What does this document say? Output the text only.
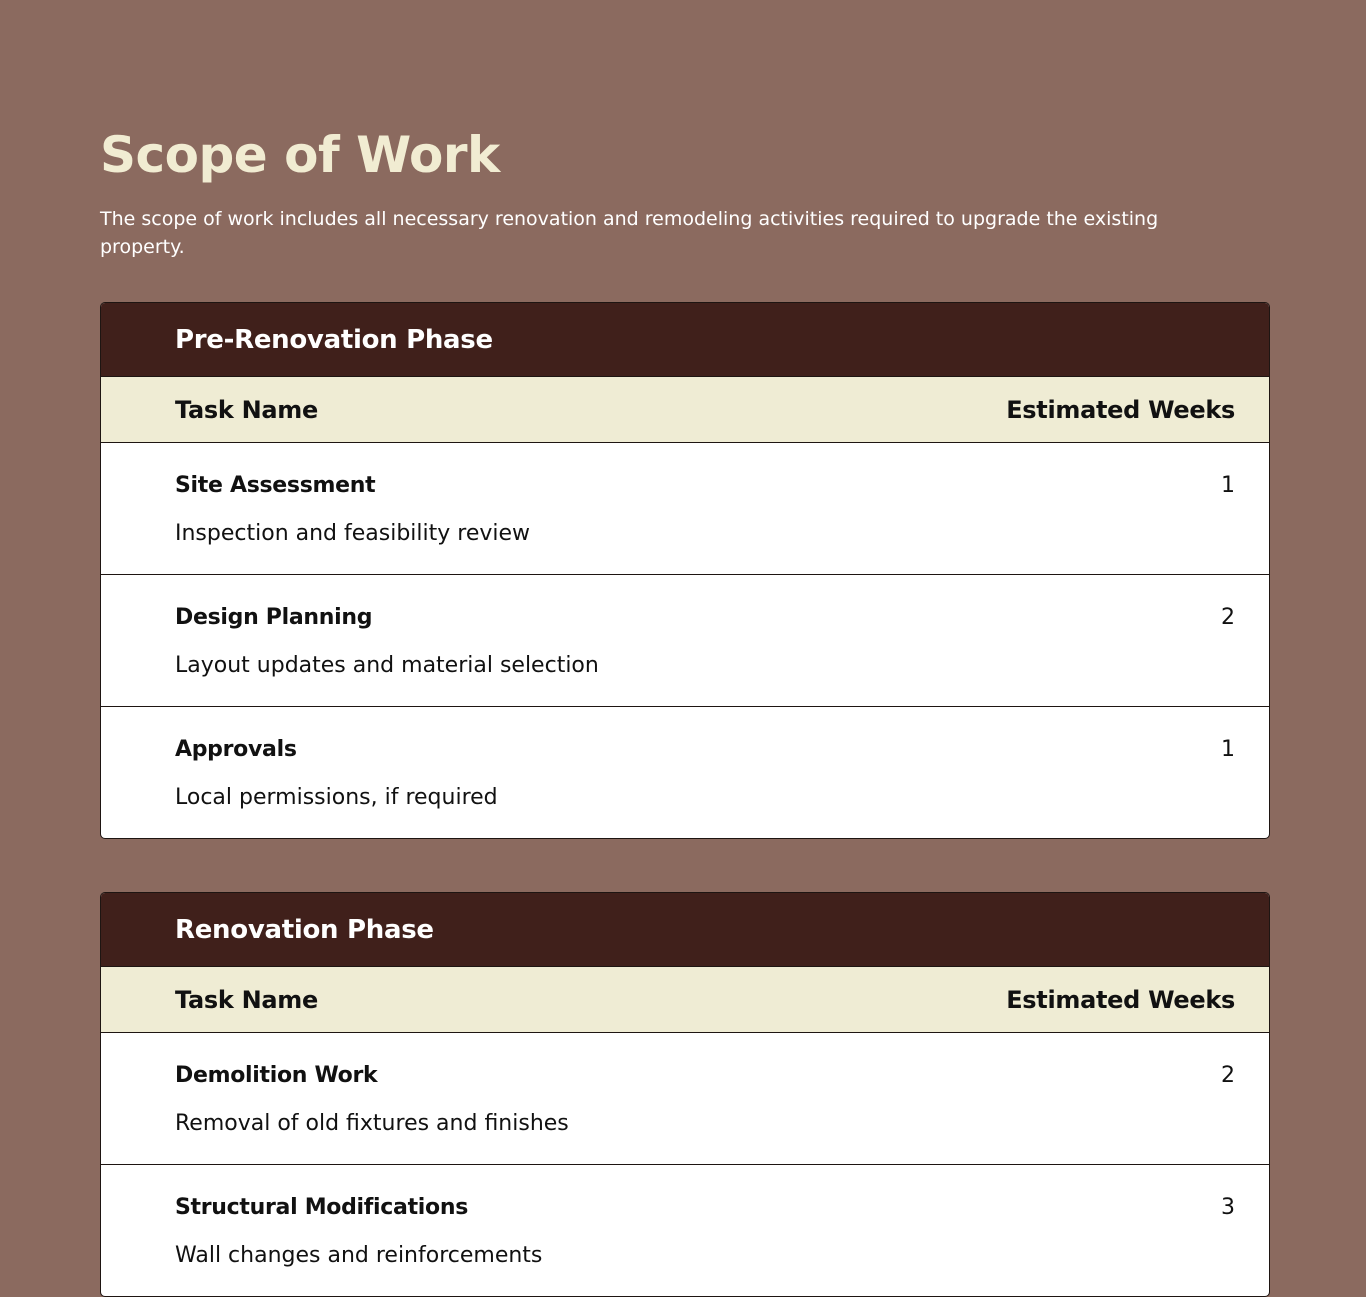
Scope of Work

The scope of work includes all necessary renovation and remodeling activities required to upgrade the existing property.

Pre-Renovation Phase
Task Name	Estimated Weeks
Site Assessment	1
Inspection and feasibility review
Design Planning	2
Layout updates and material selection
Approvals	1
Local permissions, if required
Renovation Phase
Task Name	Estimated Weeks
Demolition Work	2
Removal of old fixtures and finishes
Structural Modifications	3
Wall changes and reinforcements
